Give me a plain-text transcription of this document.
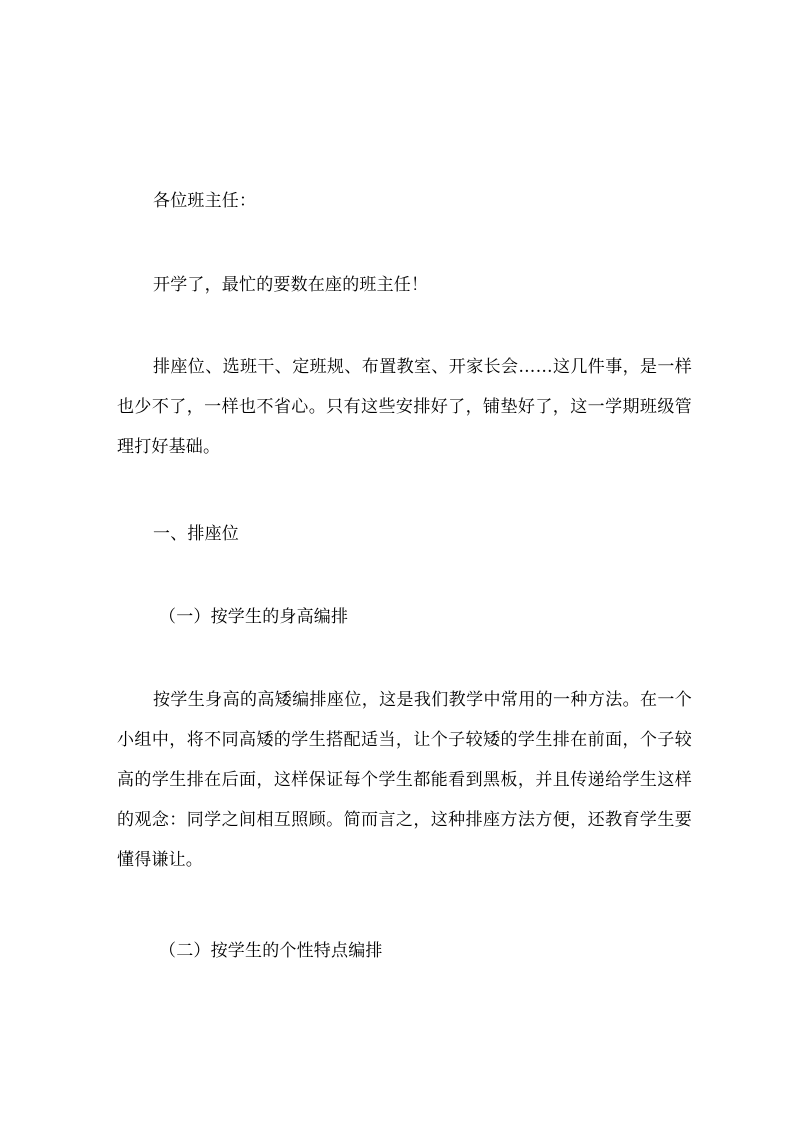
各位班主任：

开学了，最忙的要数在座的班主任！

排座位、选班干、定班规、布置教室、开家长会……这几件事，是一样也少不了，一样也不省心。只有这些安排好了，铺垫好了，这一学期班级管理打好基础。

一、排座位

（一）按学生的身高编排

按学生身高的高矮编排座位，这是我们教学中常用的一种方法。在一个小组中，将不同高矮的学生搭配适当，让个子较矮的学生排在前面，个子较高的学生排在后面，这样保证每个学生都能看到黑板，并且传递给学生这样的观念：同学之间相互照顾。简而言之，这种排座方法方便，还教育学生要懂得谦让。

（二）按学生的个性特点编排
